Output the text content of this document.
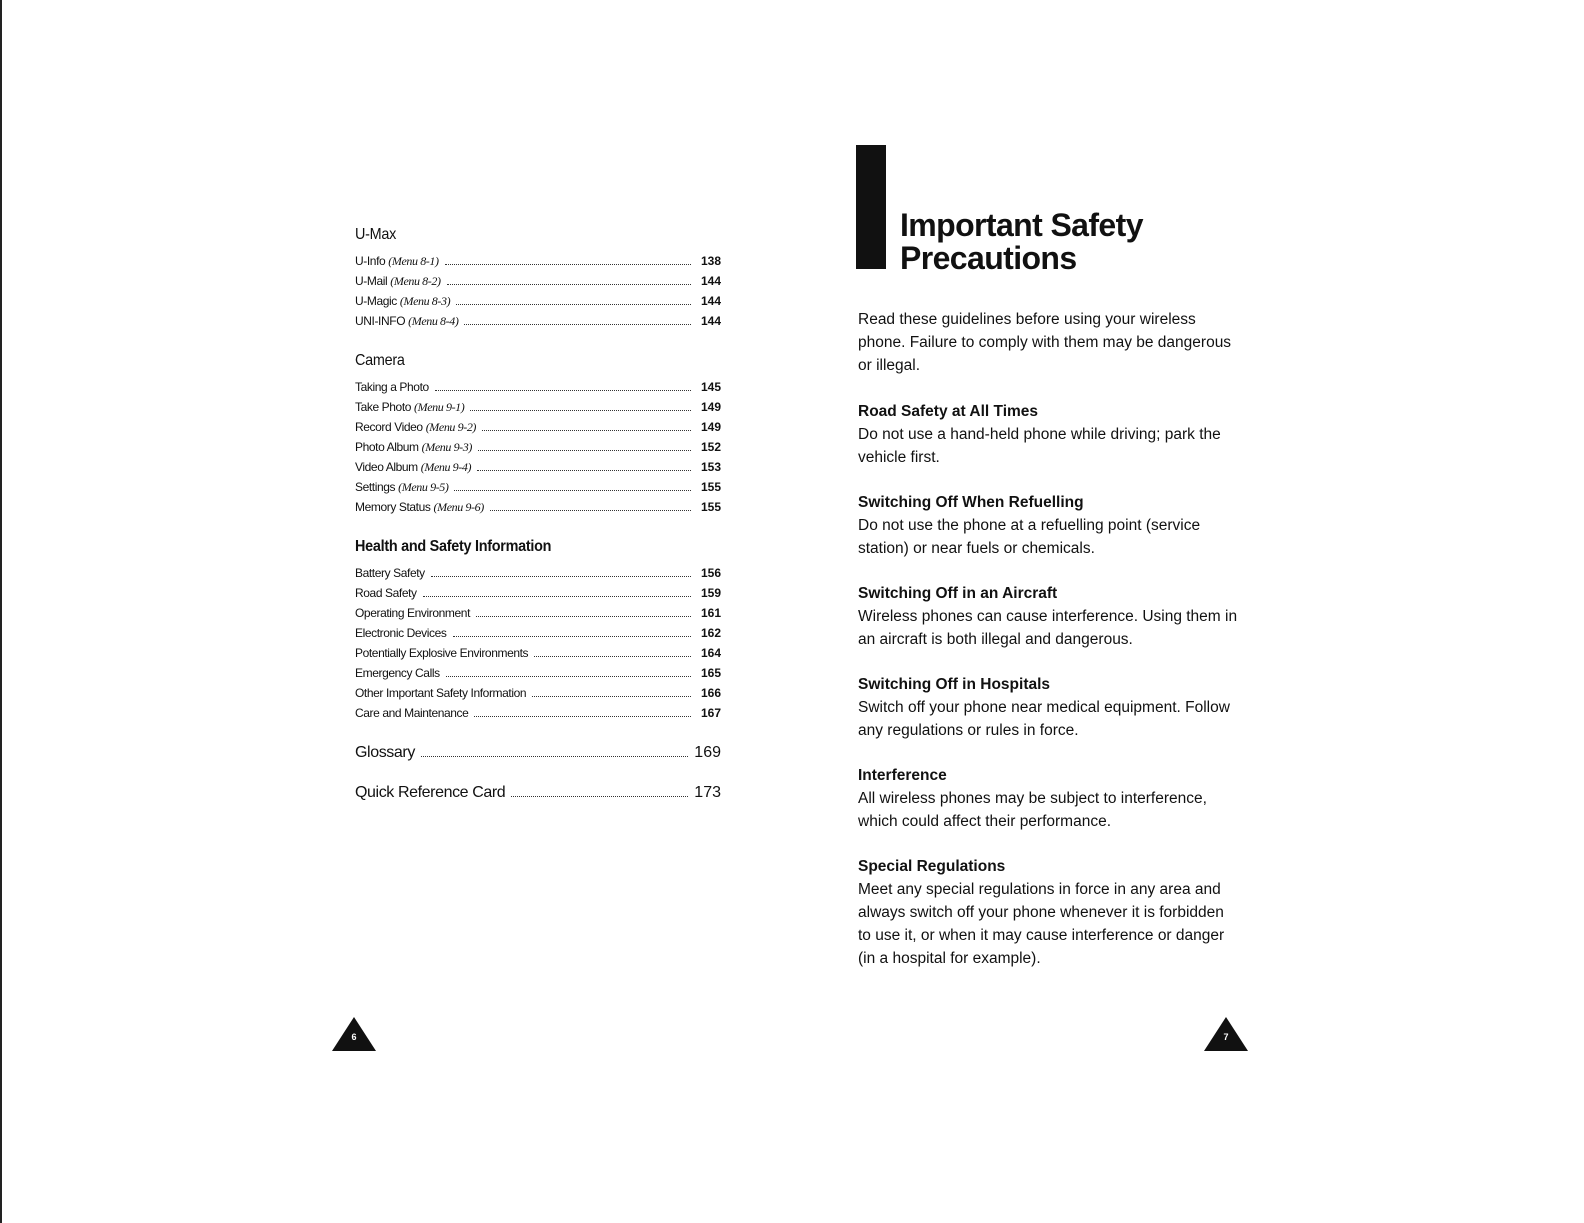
U-Max
U-Info (Menu 8-1)	138
U-Mail (Menu 8-2)	144
U-Magic (Menu 8-3)	144
UNI-INFO (Menu 8-4)	144
Camera
Taking a Photo	145
Take Photo (Menu 9-1)	149
Record Video (Menu 9-2)	149
Photo Album (Menu 9-3)	152
Video Album (Menu 9-4)	153
Settings (Menu 9-5)	155
Memory Status (Menu 9-6)	155
Health and Safety Information
Battery Safety	156
Road Safety	159
Operating Environment	161
Electronic Devices	162
Potentially Explosive Environments	164
Emergency Calls	165
Other Important Safety Information	166
Care and Maintenance	167
Glossary	169
Quick Reference Card	173
Important Safety
Precautions

Read these guidelines before using your wireless phone. Failure to comply with them may be dangerous or illegal.

Road Safety at All Times

Do not use a hand-held phone while driving; park the vehicle first.

Switching Off When Refuelling

Do not use the phone at a refuelling point (service station) or near fuels or chemicals.

Switching Off in an Aircraft

Wireless phones can cause interference. Using them in an aircraft is both illegal and dangerous.

Switching Off in Hospitals

Switch off your phone near medical equipment. Follow any regulations or rules in force.

Interference

All wireless phones may be subject to interference, which could affect their performance.

Special Regulations

Meet any special regulations in force in any area and always switch off your phone whenever it is forbidden to use it, or when it may cause interference or danger (in a hospital for example).

6	7
